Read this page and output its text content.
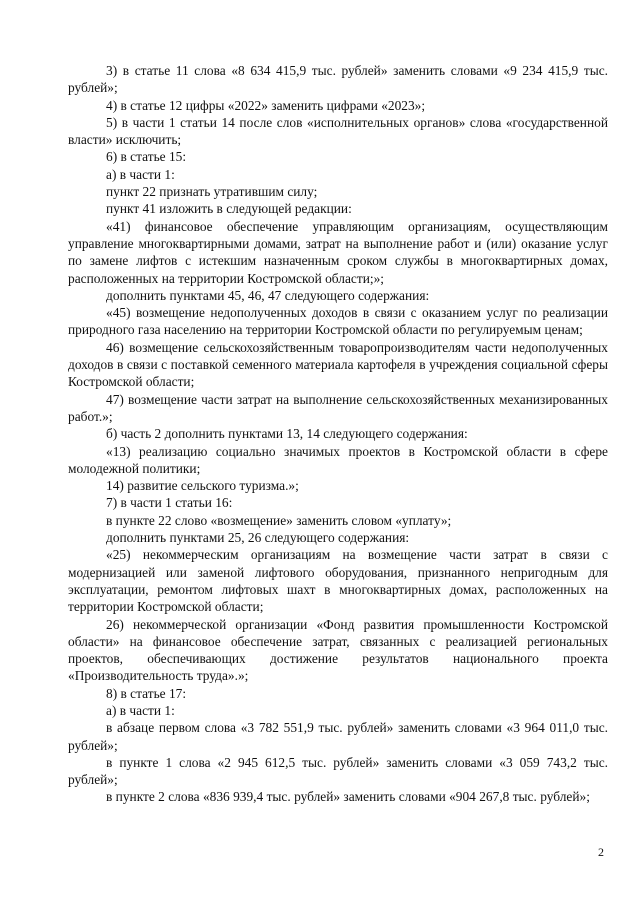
3) в статье 11 слова «8 634 415,9 тыс. рублей» заменить словами «9 234 415,9 тыс. рублей»;

4) в статье 12 цифры «2022» заменить цифрами «2023»;

5) в части 1 статьи 14 после слов «исполнительных органов» слова «государственной власти» исключить;

6) в статье 15:

а) в части 1:

пункт 22 признать утратившим силу;

пункт 41 изложить в следующей редакции:

«41) финансовое обеспечение управляющим организациям, осуществляющим управление многоквартирными домами, затрат на выполнение работ и (или) оказание услуг по замене лифтов с истекшим назначенным сроком службы в многоквартирных домах, расположенных на территории Костромской области;»;

дополнить пунктами 45, 46, 47 следующего содержания:

«45) возмещение недополученных доходов в связи с оказанием услуг по реализации природного газа населению на территории Костромской области по регулируемым ценам;

46) возмещение сельскохозяйственным товаропроизводителям части недополученных доходов в связи с поставкой семенного материала картофеля в учреждения социальной сферы Костромской области;

47) возмещение части затрат на выполнение сельскохозяйственных механизированных работ.»;

б) часть 2 дополнить пунктами 13, 14 следующего содержания:

«13) реализацию социально значимых проектов в Костромской области в сфере молодежной политики;

14) развитие сельского туризма.»;

7) в части 1 статьи 16:

в пункте 22 слово «возмещение» заменить словом «уплату»;

дополнить пунктами 25, 26 следующего содержания:

«25) некоммерческим организациям на возмещение части затрат в связи с модернизацией или заменой лифтового оборудования, признанного непригодным для эксплуатации, ремонтом лифтовых шахт в многоквартирных домах, расположенных на территории Костромской области;

26) некоммерческой организации «Фонд развития промышленности Костромской области» на финансовое обеспечение затрат, связанных с реализацией региональных проектов, обеспечивающих достижение результатов национального проекта «Производительность труда».»;

8) в статье 17:

а) в части 1:

в абзаце первом слова «3 782 551,9 тыс. рублей» заменить словами «3 964 011,0 тыс. рублей»;

в пункте 1 слова «2 945 612,5 тыс. рублей» заменить словами «3 059 743,2 тыс. рублей»;

в пункте 2 слова «836 939,4 тыс. рублей» заменить словами «904 267,8 тыс. рублей»;

2
